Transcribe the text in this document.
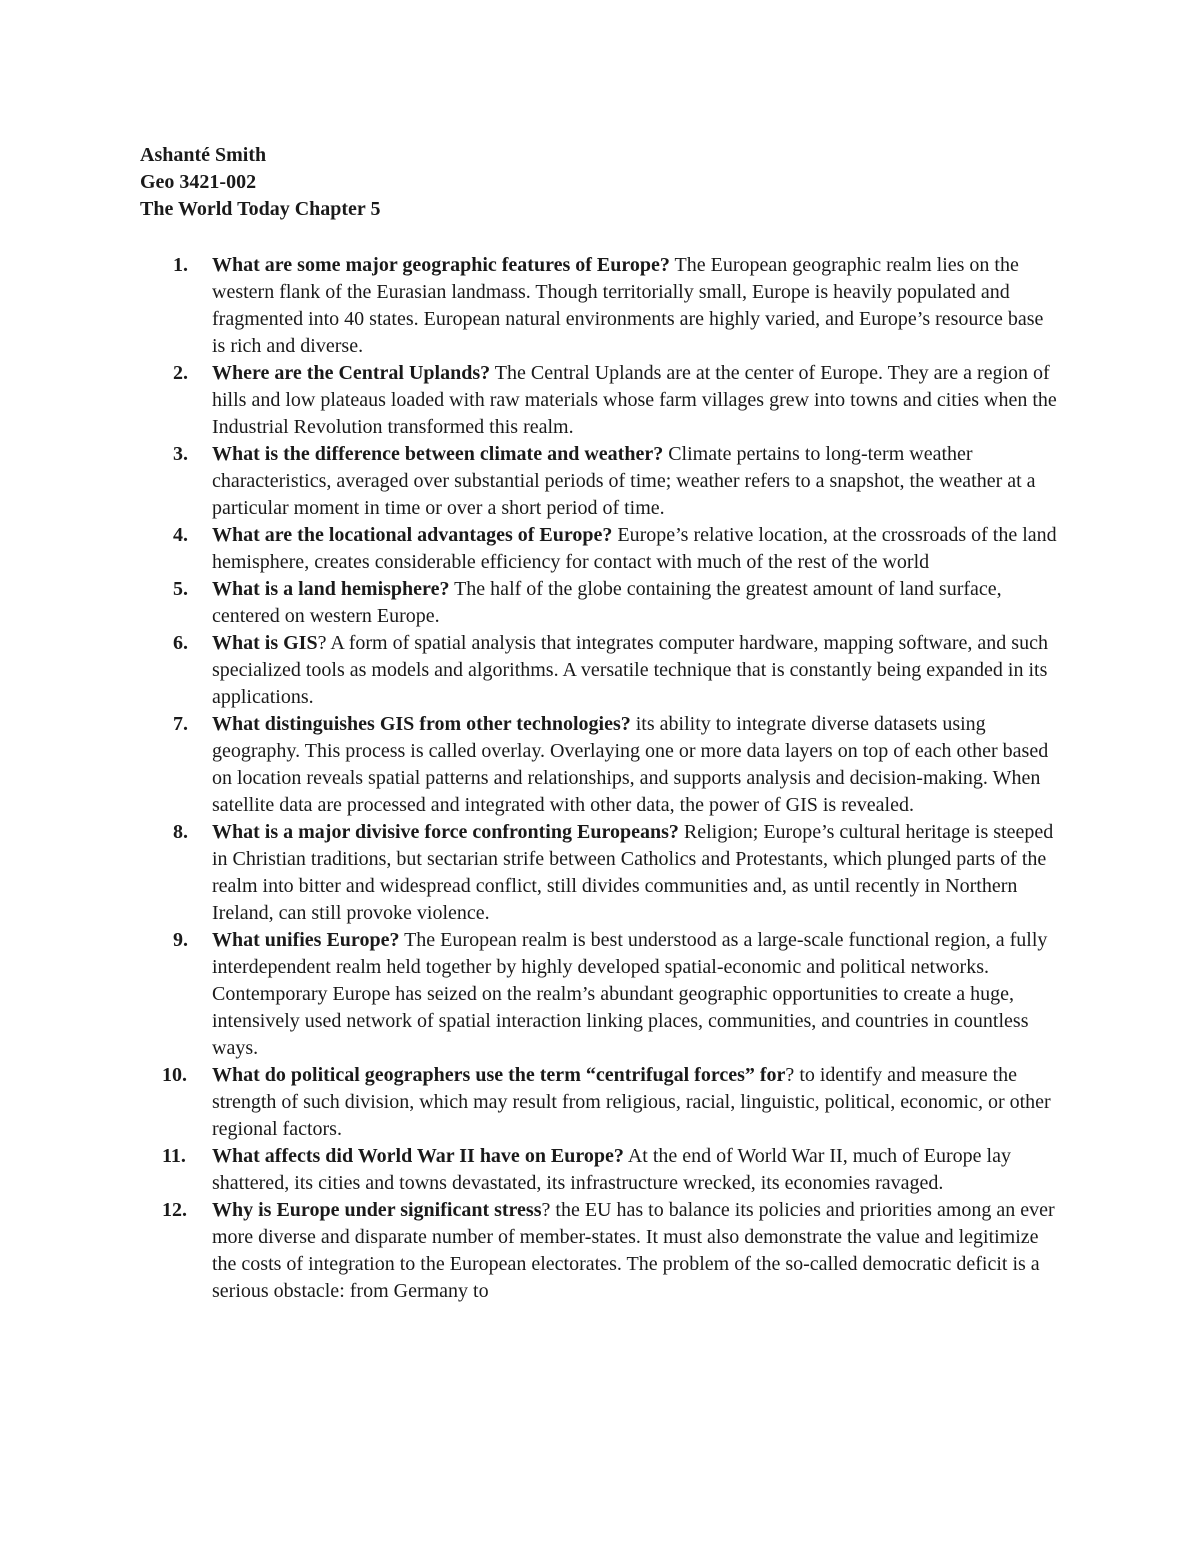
Ashanté Smith
Geo 3421-002
The World Today Chapter 5
1. What are some major geographic features of Europe? The European geographic realm lies on the western flank of the Eurasian landmass. Though territorially small, Europe is heavily populated and fragmented into 40 states. European natural environments are highly varied, and Europe’s resource base is rich and diverse.
2. Where are the Central Uplands? The Central Uplands are at the center of Europe. They are a region of hills and low plateaus loaded with raw materials whose farm villages grew into towns and cities when the Industrial Revolution transformed this realm.
3. What is the difference between climate and weather? Climate pertains to long-term weather characteristics, averaged over substantial periods of time; weather refers to a snapshot, the weather at a particular moment in time or over a short period of time.
4. What are the locational advantages of Europe? Europe’s relative location, at the crossroads of the land hemisphere, creates considerable efficiency for contact with much of the rest of the world
5. What is a land hemisphere? The half of the globe containing the greatest amount of land surface, centered on western Europe.
6. What is GIS? A form of spatial analysis that integrates computer hardware, mapping software, and such specialized tools as models and algorithms. A versatile technique that is constantly being expanded in its applications.
7. What distinguishes GIS from other technologies? its ability to integrate diverse datasets using geography. This process is called overlay. Overlaying one or more data layers on top of each other based on location reveals spatial patterns and relationships, and supports analysis and decision-making. When satellite data are processed and integrated with other data, the power of GIS is revealed.
8. What is a major divisive force confronting Europeans? Religion; Europe’s cultural heritage is steeped in Christian traditions, but sectarian strife between Catholics and Protestants, which plunged parts of the realm into bitter and widespread conflict, still divides communities and, as until recently in Northern Ireland, can still provoke violence.
9. What unifies Europe? The European realm is best understood as a large-scale functional region, a fully interdependent realm held together by highly developed spatial-economic and political networks. Contemporary Europe has seized on the realm’s abundant geographic opportunities to create a huge, intensively used network of spatial interaction linking places, communities, and countries in countless ways.
10. What do political geographers use the term “centrifugal forces” for? to identify and measure the strength of such division, which may result from religious, racial, linguistic, political, economic, or other regional factors.
11. What affects did World War II have on Europe? At the end of World War II, much of Europe lay shattered, its cities and towns devastated, its infrastructure wrecked, its economies ravaged.
12. Why is Europe under significant stress? the EU has to balance its policies and priorities among an ever more diverse and disparate number of member-states. It must also demonstrate the value and legitimize the costs of integration to the European electorates. The problem of the so-called democratic deficit is a serious obstacle: from Germany to
